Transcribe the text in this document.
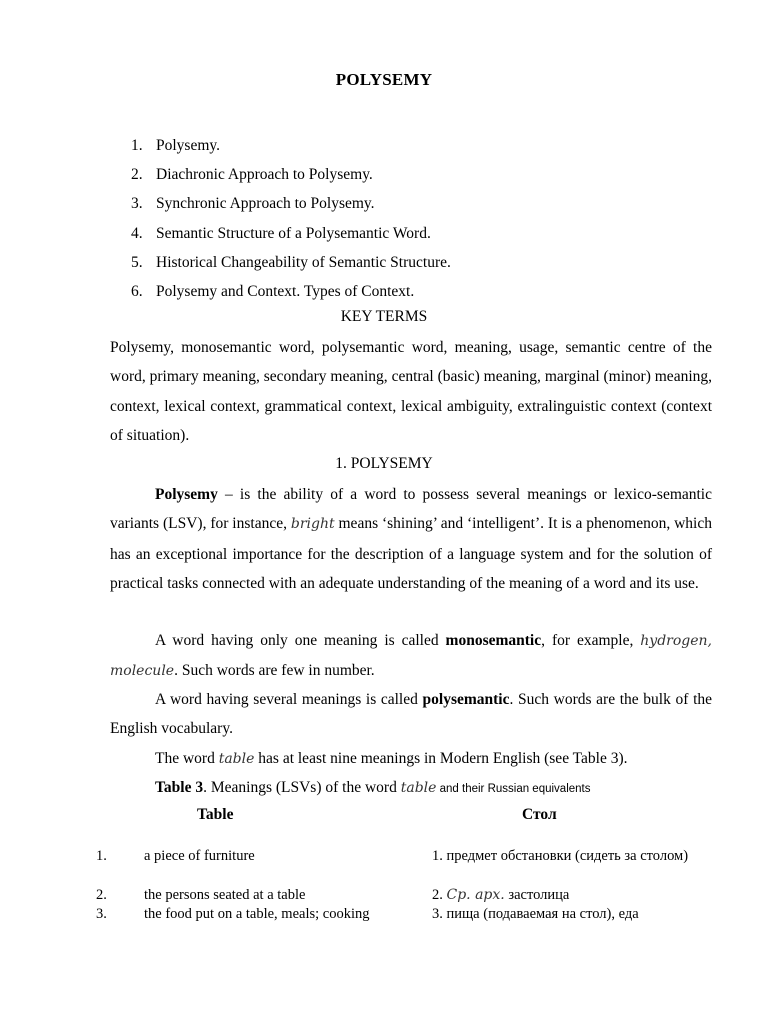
POLYSEMY
1. Polysemy.
2. Diachronic Approach to Polysemy.
3. Synchronic Approach to Polysemy.
4. Semantic Structure of a Polysemantic Word.
5. Historical Changeability of Semantic Structure.
6. Polysemy and Context. Types of Context.
KEY TERMS

Polysemy, monosemantic word, polysemantic word, meaning, usage, semantic centre of the word, primary meaning, secondary meaning, central (basic) meaning, marginal (minor) meaning, context, lexical context, grammatical context, lexical ambiguity, extralinguistic context (context of situation).

1. POLYSEMY

Polysemy – is the ability of a word to possess several meanings or lexico-semantic variants (LSV), for instance, bright means ‘shining’ and ‘intelligent’. It is a phenomenon, which has an exceptional importance for the description of a language system and for the solution of practical tasks connected with an adequate understanding of the meaning of a word and its use.

A word having only one meaning is called monosemantic, for example, hydrogen, molecule. Such words are few in number.

A word having several meanings is called polysemantic. Such words are the bulk of the English vocabulary.

The word table has at least nine meanings in Modern English (see Table 3).

Table 3. Meanings (LSVs) of the word table and their Russian equivalents

Table	Стол
1.	a piece of furniture	1. предмет обстановки (сидеть за столом)
2.	the persons seated at a table	2. Ср. арх. застолица
3.	the food put on a table, meals; cooking	3. пища (подаваемая на стол), еда
